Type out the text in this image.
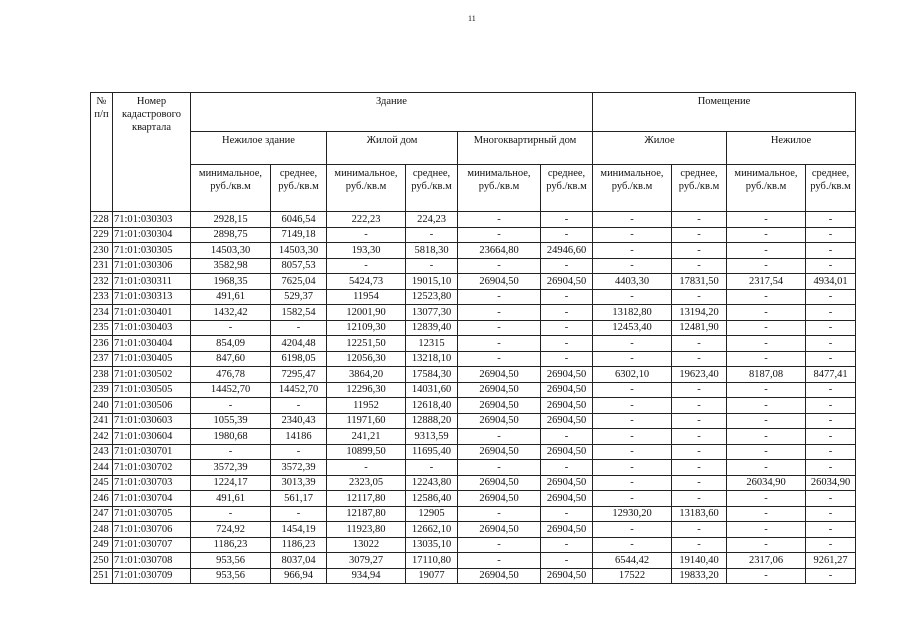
11
№ п/п	Номер кадастрового квартала	Здание						Помещение			
		Нежилое здание		Жилой дом		Многоквартирный дом		Жилое		Нежилое	
		минимальное, руб./кв.м	среднее, руб./кв.м	минимальное, руб./кв.м	среднее, руб./кв.м	минимальное, руб./кв.м	среднее, руб./кв.м	минимальное, руб./кв.м	среднее, руб./кв.м	минимальное, руб./кв.м	среднее, руб./кв.м
228	71:01:030303	2928,15	6046,54	222,23	224,23	-	-	-	-	-	-
229	71:01:030304	2898,75	7149,18	-	-	-	-	-	-	-	-
230	71:01:030305	14503,30	14503,30	193,30	5818,30	23664,80	24946,60	-	-	-	-
231	71:01:030306	3582,98	8057,53	-	-	-	-	-	-	-	-
232	71:01:030311	1968,35	7625,04	5424,73	19015,10	26904,50	26904,50	4403,30	17831,50	2317,54	4934,01
233	71:01:030313	491,61	529,37	11954	12523,80	-	-	-	-	-	-
234	71:01:030401	1432,42	1582,54	12001,90	13077,30	-	-	13182,80	13194,20	-	-
235	71:01:030403	-	-	12109,30	12839,40	-	-	12453,40	12481,90	-	-
236	71:01:030404	854,09	4204,48	12251,50	12315	-	-	-	-	-	-
237	71:01:030405	847,60	6198,05	12056,30	13218,10	-	-	-	-	-	-
238	71:01:030502	476,78	7295,47	3864,20	17584,30	26904,50	26904,50	6302,10	19623,40	8187,08	8477,41
239	71:01:030505	14452,70	14452,70	12296,30	14031,60	26904,50	26904,50	-	-	-	-
240	71:01:030506	-	-	11952	12618,40	26904,50	26904,50	-	-	-	-
241	71:01:030603	1055,39	2340,43	11971,60	12888,20	26904,50	26904,50	-	-	-	-
242	71:01:030604	1980,68	14186	241,21	9313,59	-	-	-	-	-	-
243	71:01:030701	-	-	10899,50	11695,40	26904,50	26904,50	-	-	-	-
244	71:01:030702	3572,39	3572,39	-	-	-	-	-	-	-	-
245	71:01:030703	1224,17	3013,39	2323,05	12243,80	26904,50	26904,50	-	-	26034,90	26034,90
246	71:01:030704	491,61	561,17	12117,80	12586,40	26904,50	26904,50	-	-	-	-
247	71:01:030705	-	-	12187,80	12905	-	-	12930,20	13183,60	-	-
248	71:01:030706	724,92	1454,19	11923,80	12662,10	26904,50	26904,50	-	-	-	-
249	71:01:030707	1186,23	1186,23	13022	13035,10	-	-	-	-	-	-
250	71:01:030708	953,56	8037,04	3079,27	17110,80	-	-	6544,42	19140,40	2317,06	9261,27
251	71:01:030709	953,56	966,94	934,94	19077	26904,50	26904,50	17522	19833,20	-	-
